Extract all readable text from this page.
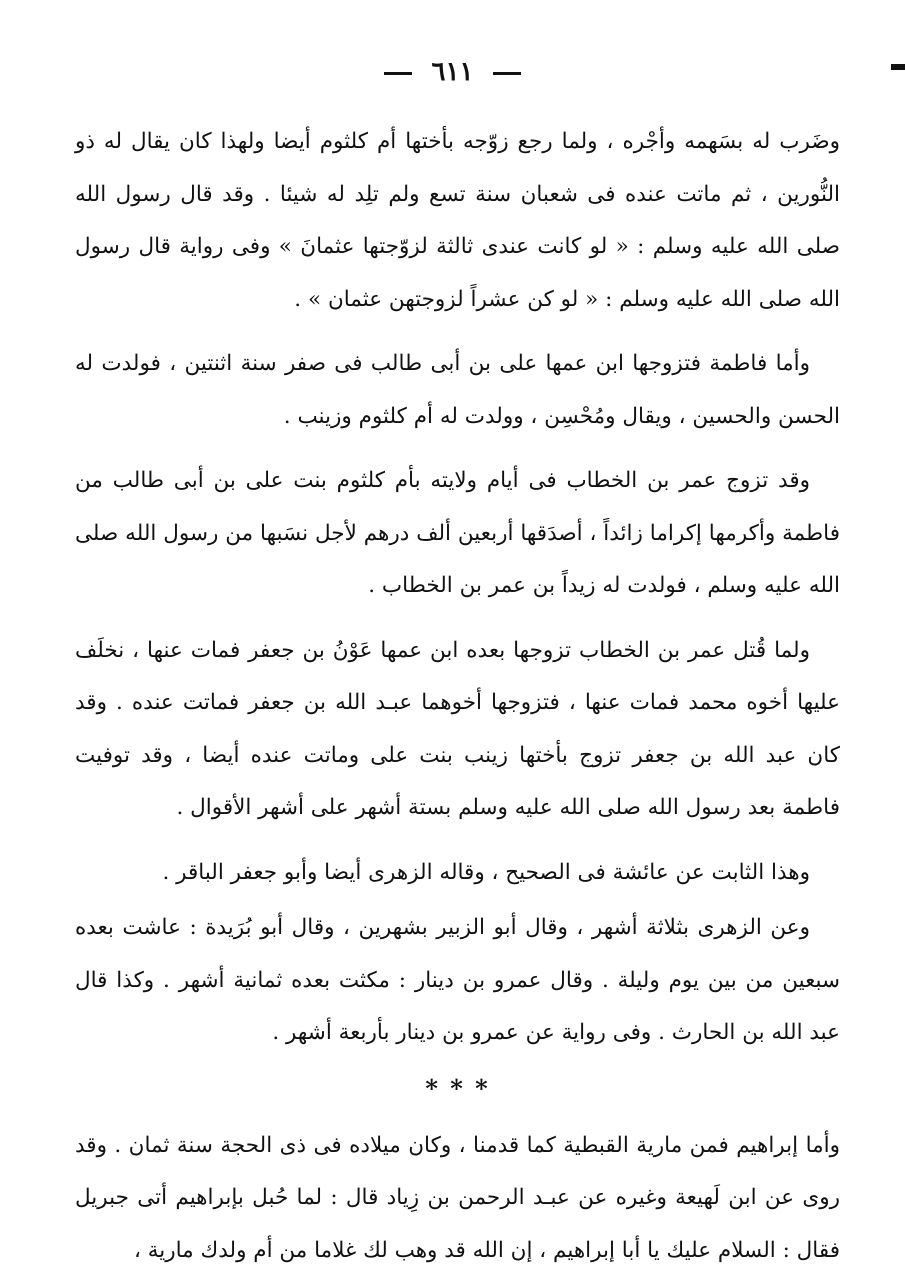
٦١١

وضَرب له بسَهمه وأجْره ، ولما رجع زوّجه بأختها أم كلثوم أيضا ولهذا كان يقال له ذو النُّورين ، ثم ماتت عنده فى شعبان سنة تسع ولم تلِد له شيئا . وقد قال رسول الله صلى الله عليه وسلم : « لو كانت عندى ثالثة لزوّجتها عثمانَ » وفى رواية قال رسول الله صلى الله عليه وسلم : « لو كن عشراً لزوجتهن عثمان » .

وأما فاطمة فتزوجها ابن عمها على بن أبى طالب فى صفر سنة اثنتين ، فولدت له الحسن والحسين ، ويقال ومُحْسِن ، وولدت له أم كلثوم وزينب .

وقد تزوج عمر بن الخطاب فى أيام ولايته بأم كلثوم بنت على بن أبى طالب من فاطمة وأكرمها إكراما زائداً ، أصدَقها أربعين ألف درهم لأجل نسَبها من رسول الله صلى الله عليه وسلم ، فولدت له زيداً بن عمر بن الخطاب .

ولما قُتل عمر بن الخطاب تزوجها بعده ابن عمها عَوْنُ بن جعفر فمات عنها ، نخلَف عليها أخوه محمد فمات عنها ، فتزوجها أخوهما عبـد الله بن جعفر فماتت عنده . وقد كان عبد الله بن جعفر تزوج بأختها زينب بنت على وماتت عنده أيضا ، وقد توفيت فاطمة بعد رسول الله صلى الله عليه وسلم بستة أشهر على أشهر الأقوال .

وهذا الثابت عن عائشة فى الصحيح ، وقاله الزهرى أيضا وأبو جعفر الباقر .

وعن الزهرى بثلاثة أشهر ، وقال أبو الزبير بشهرين ، وقال أبو بُرَيدة : عاشت بعده سبعين من بين يوم وليلة . وقال عمرو بن دينار : مكثت بعده ثمانية أشهر . وكذا قال عبد الله بن الحارث . وفى رواية عن عمرو بن دينار بأربعة أشهر .

* * *

وأما إبراهيم فمن مارية القبطية كما قدمنا ، وكان ميلاده فى ذى الحجة سنة ثمان . وقد روى عن ابن لَهيعة وغيره عن عبـد الرحمن بن زِياد قال : لما حُبل بإبراهيم أتى جبريل فقال : السلام عليك يا أبا إبراهيم ، إن الله قد وهب لك غلاما من أم ولدك مارية ،
